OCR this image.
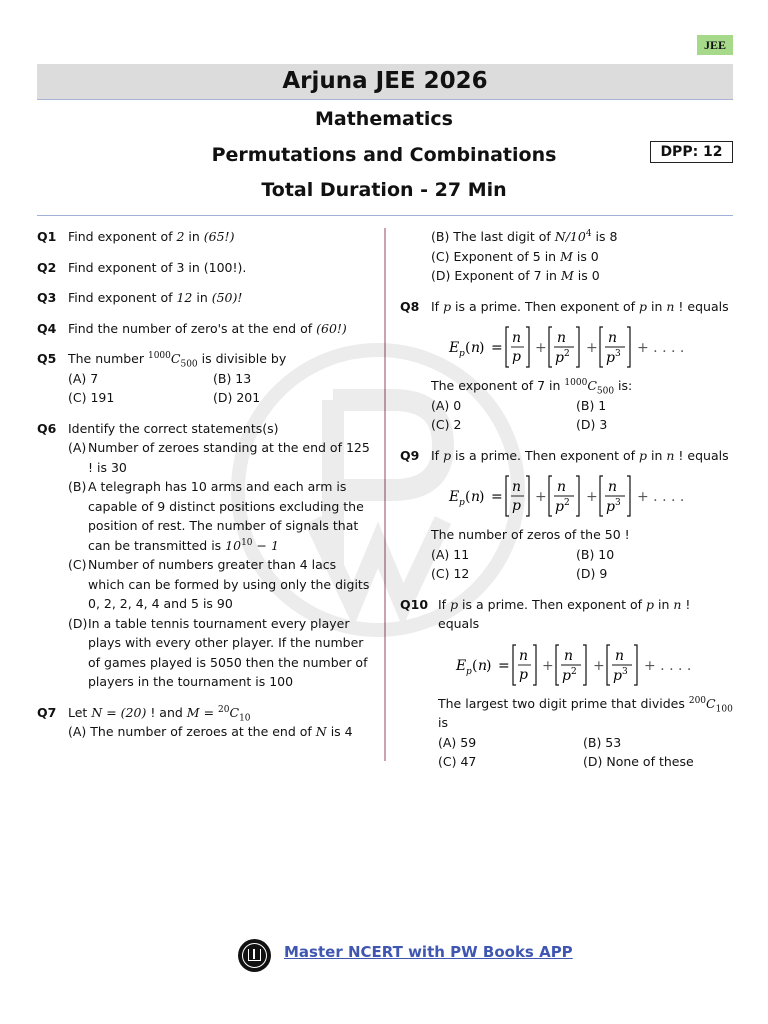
JEE
Arjuna JEE 2026
Mathematics
Permutations and Combinations
Total Duration - 27 Min
DPP: 12
Q1 Find exponent of 2 in (65!)
Q2 Find exponent of 3 in (100!).
Q3 Find exponent of 12 in (50)!
Q4 Find the number of zero's at the end of (60!)
Q5 The number $^{1000}C_{500}$ is divisible by
(A) 7	(B) 13
(C) 191	(D) 201
Q6 Identify the correct statements(s)
(A) Number of zeroes standing at the end of 125 ! is 30
(B) A telegraph has 10 arms and each arm is capable of 9 distinct positions excluding the position of rest. The number of signals that can be transmitted is $10^{10} - 1$
(C) Number of numbers greater than 4 lacs which can be formed by using only the digits 0, 2, 2, 4, 4 and 5 is 90
(D) In a table tennis tournament every player plays with every other player. If the number of games played is 5050 then the number of players in the tournament is 100
Q7 Let N = (20) ! and $M = ^{20}C_{10}$
(A) The number of zeroes at the end of N is 4
(B) The last digit of $N/10^4$ is 8
(C) Exponent of 5 in M is 0
(D) Exponent of 7 in M is 0
Q8 If p is a prime. Then exponent of p in n ! equals
E p ( n
) =
n
p
+
n
p 2 +
n
p 3 + . . . .
The exponent of 7 in $^{1000}C_{500}$ is:
(A) 0	(B) 1
(C) 2	(D) 3
Q9 If p is a prime. Then exponent of p in n ! equals
E p ( n
) =
n
p
+
n
p 2 +
n
p 3 + . . . .
The number of zeros of the 50 !
(A) 11	(B) 10
(C) 12	(D) 9
Q10 If p is a prime. Then exponent of p in n ! equals
E p ( n
) =
n
p
+
n
p 2 +
n
p 3 + . . . .
The largest two digit prime that divides $^{200}C_{100}$ is
(A) 59	(B) 53
(C) 47	(D) None of these
Master NCERT with PW Books APP
